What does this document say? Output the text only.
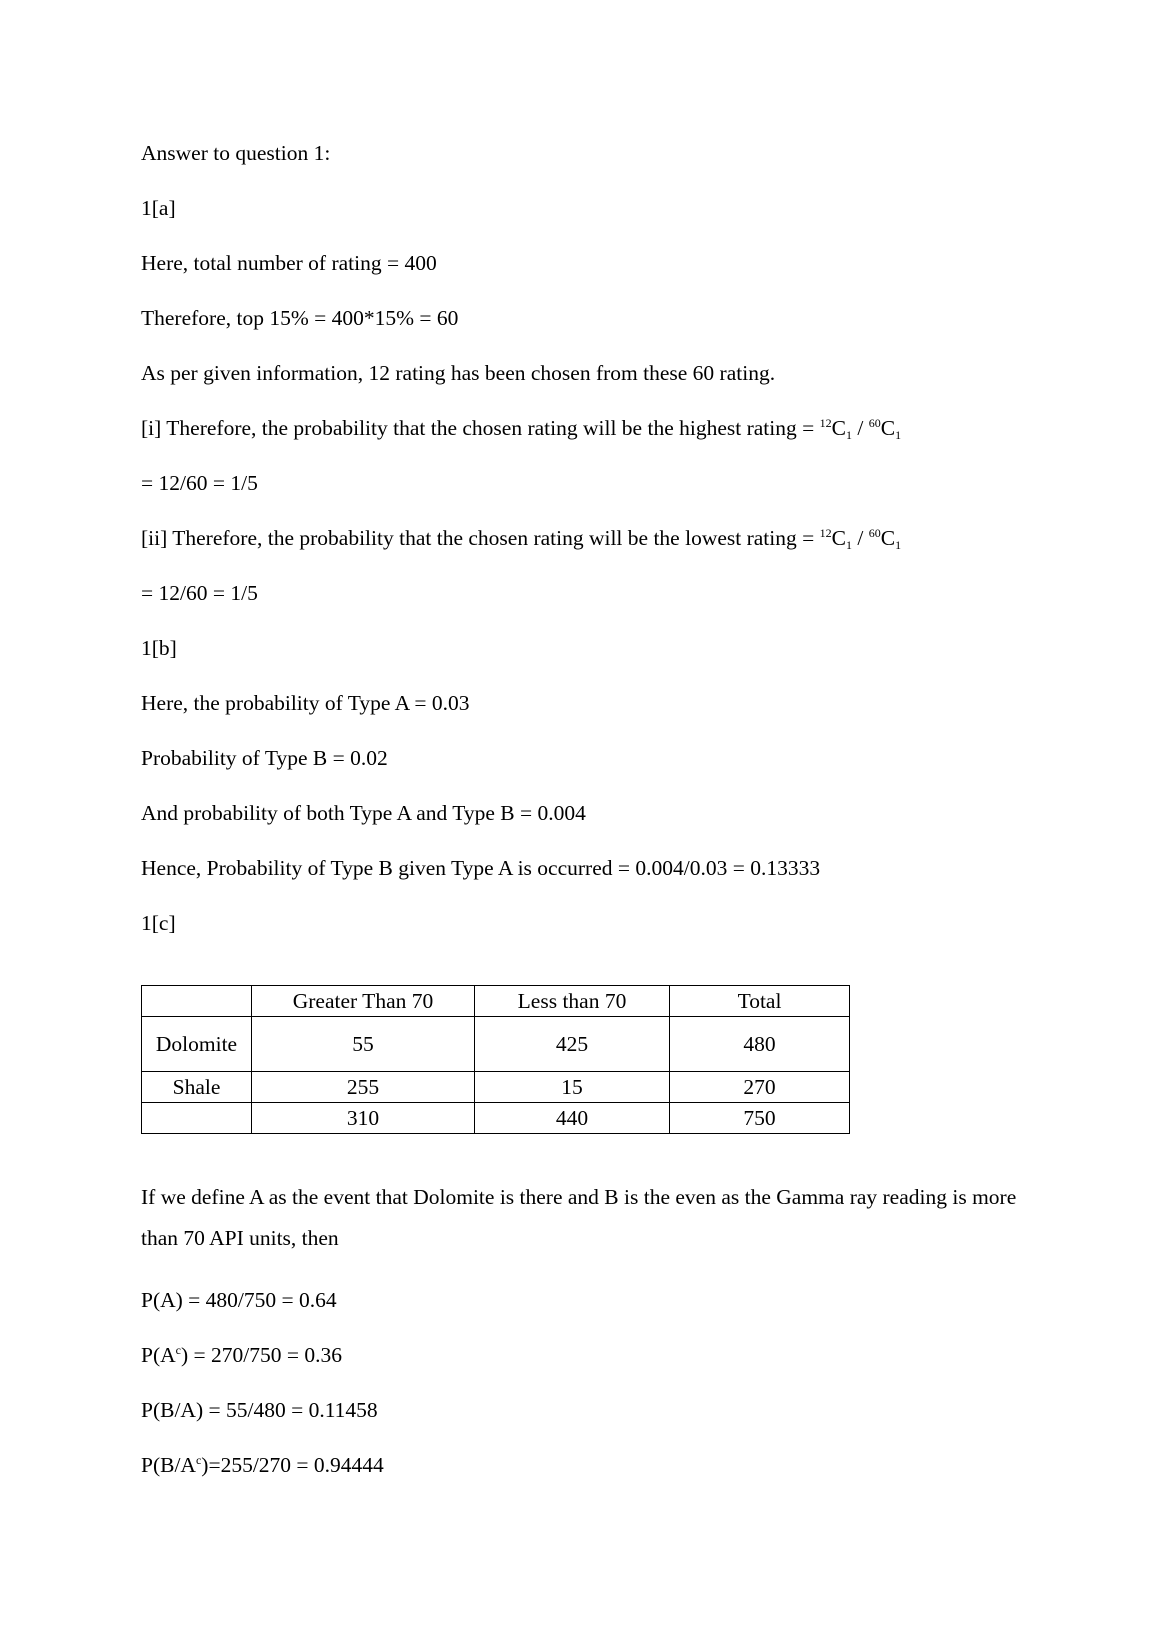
Answer to question 1:
1[a]
Here, total number of rating = 400
Therefore, top 15% = 400*15% = 60
As per given information, 12 rating has been chosen from these 60 rating.
[i] Therefore, the probability that the chosen rating will be the highest rating = $^{12}C_1 / ^{60}C_1$
= 12/60 = 1/5
[ii] Therefore, the probability that the chosen rating will be the lowest rating = $^{12}C_1 / ^{60}C_1$
= 12/60 = 1/5
1[b]
Here, the probability of Type A = 0.03
Probability of Type B = 0.02
And probability of both Type A and Type B = 0.004
Hence, Probability of Type B given Type A is occurred = 0.004/0.03 = 0.13333
1[c]
	Greater Than 70	Less than 70	Total
Dolomite	55	425	480
Shale	255	15	270
	310	440	750
If we define A as the event that Dolomite is there and B is the even as the Gamma ray reading is more than 70 API units, then
P(A) = 480/750 = 0.64
$P(A^c) = 270/750 = 0.36$
P(B/A) = 55/480 = 0.11458
$P(B/A^c)=255/270 = 0.94444$
